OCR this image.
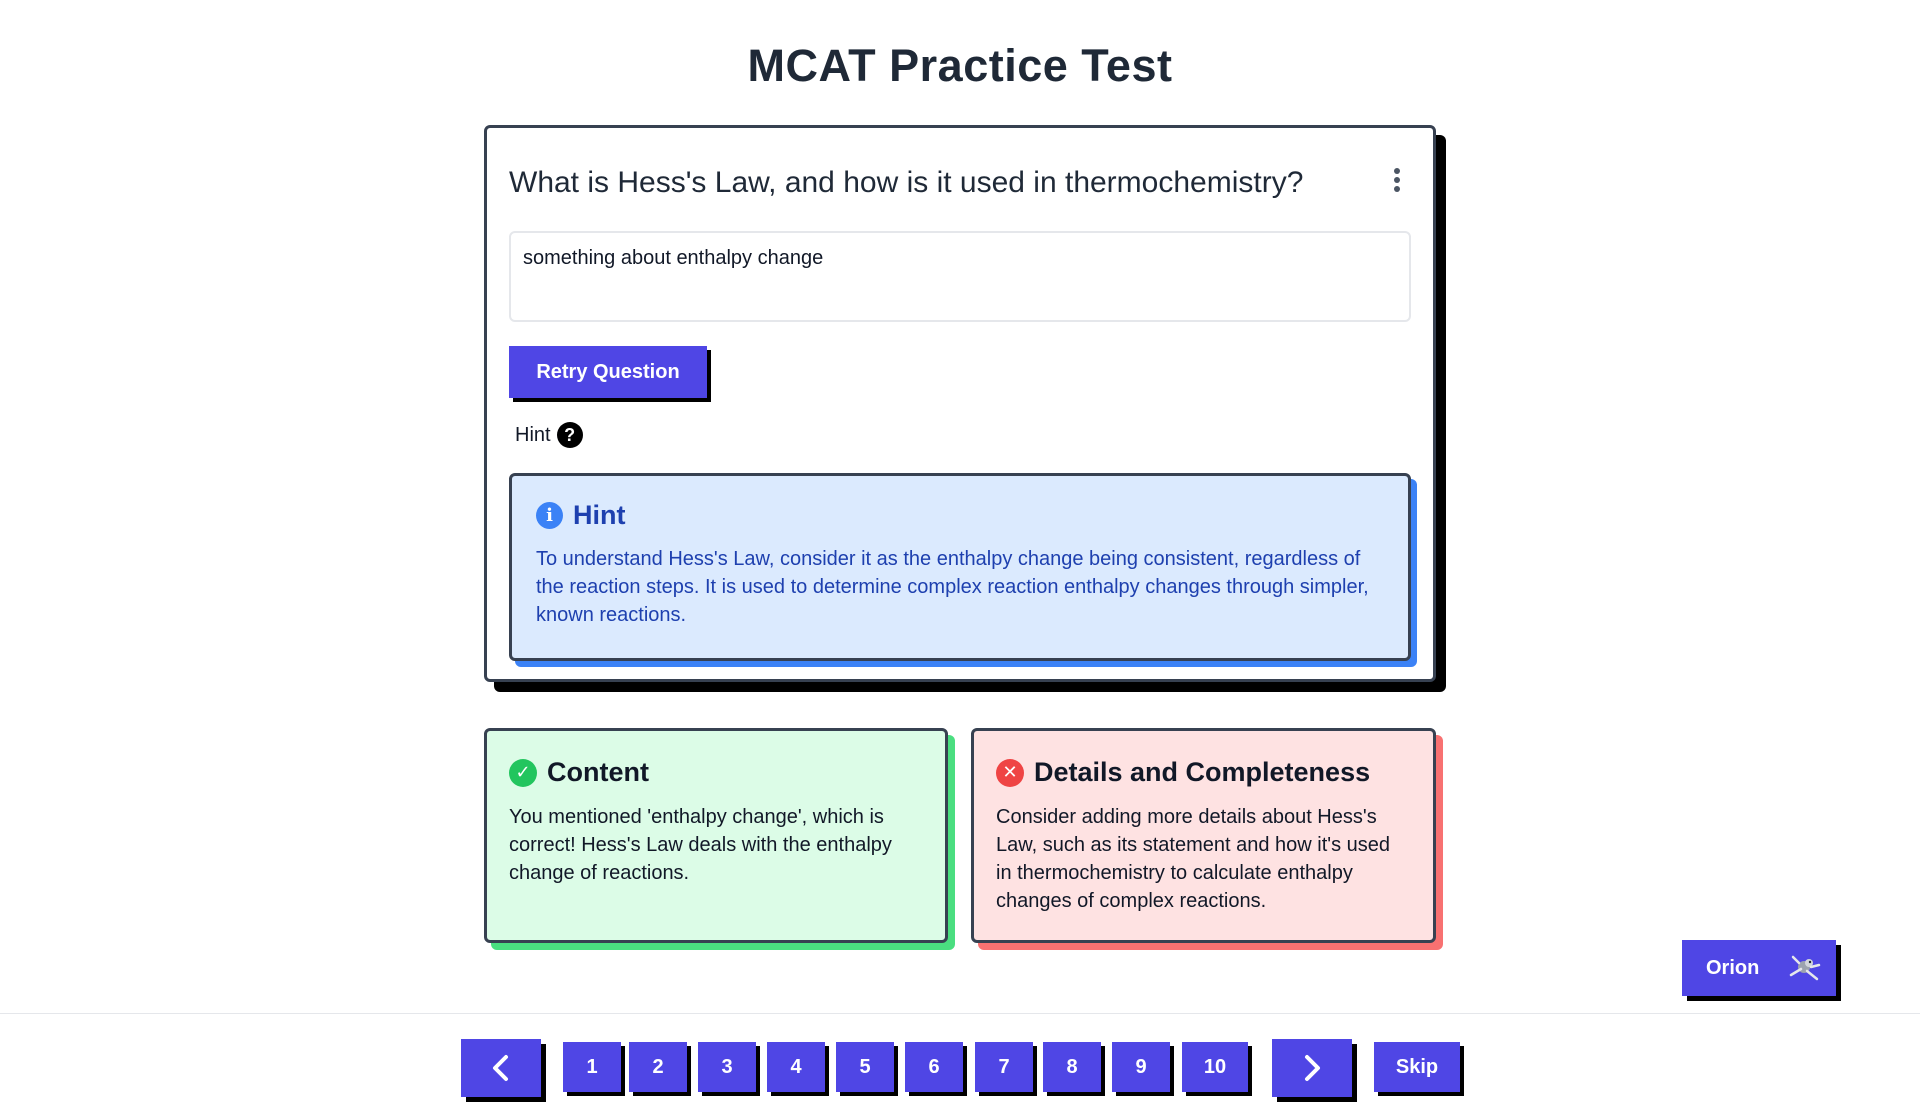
MCAT Practice Test
What is Hess's Law, and how is it used in thermochemistry?
something about enthalpy change
Retry Question
Hint ?
i Hint
To understand Hess's Law, consider it as the enthalpy change being consistent, regardless of the reaction steps. It is used to determine complex reaction enthalpy changes through simpler, known reactions.
✓ Content
You mentioned 'enthalpy change', which is correct! Hess's Law deals with the enthalpy change of reactions.
✕ Details and Completeness
Consider adding more details about Hess's Law, such as its statement and how it's used in thermochemistry to calculate enthalpy changes of complex reactions.
Orion
1	2	3	4	5	6	7	8	9	10	Skip
